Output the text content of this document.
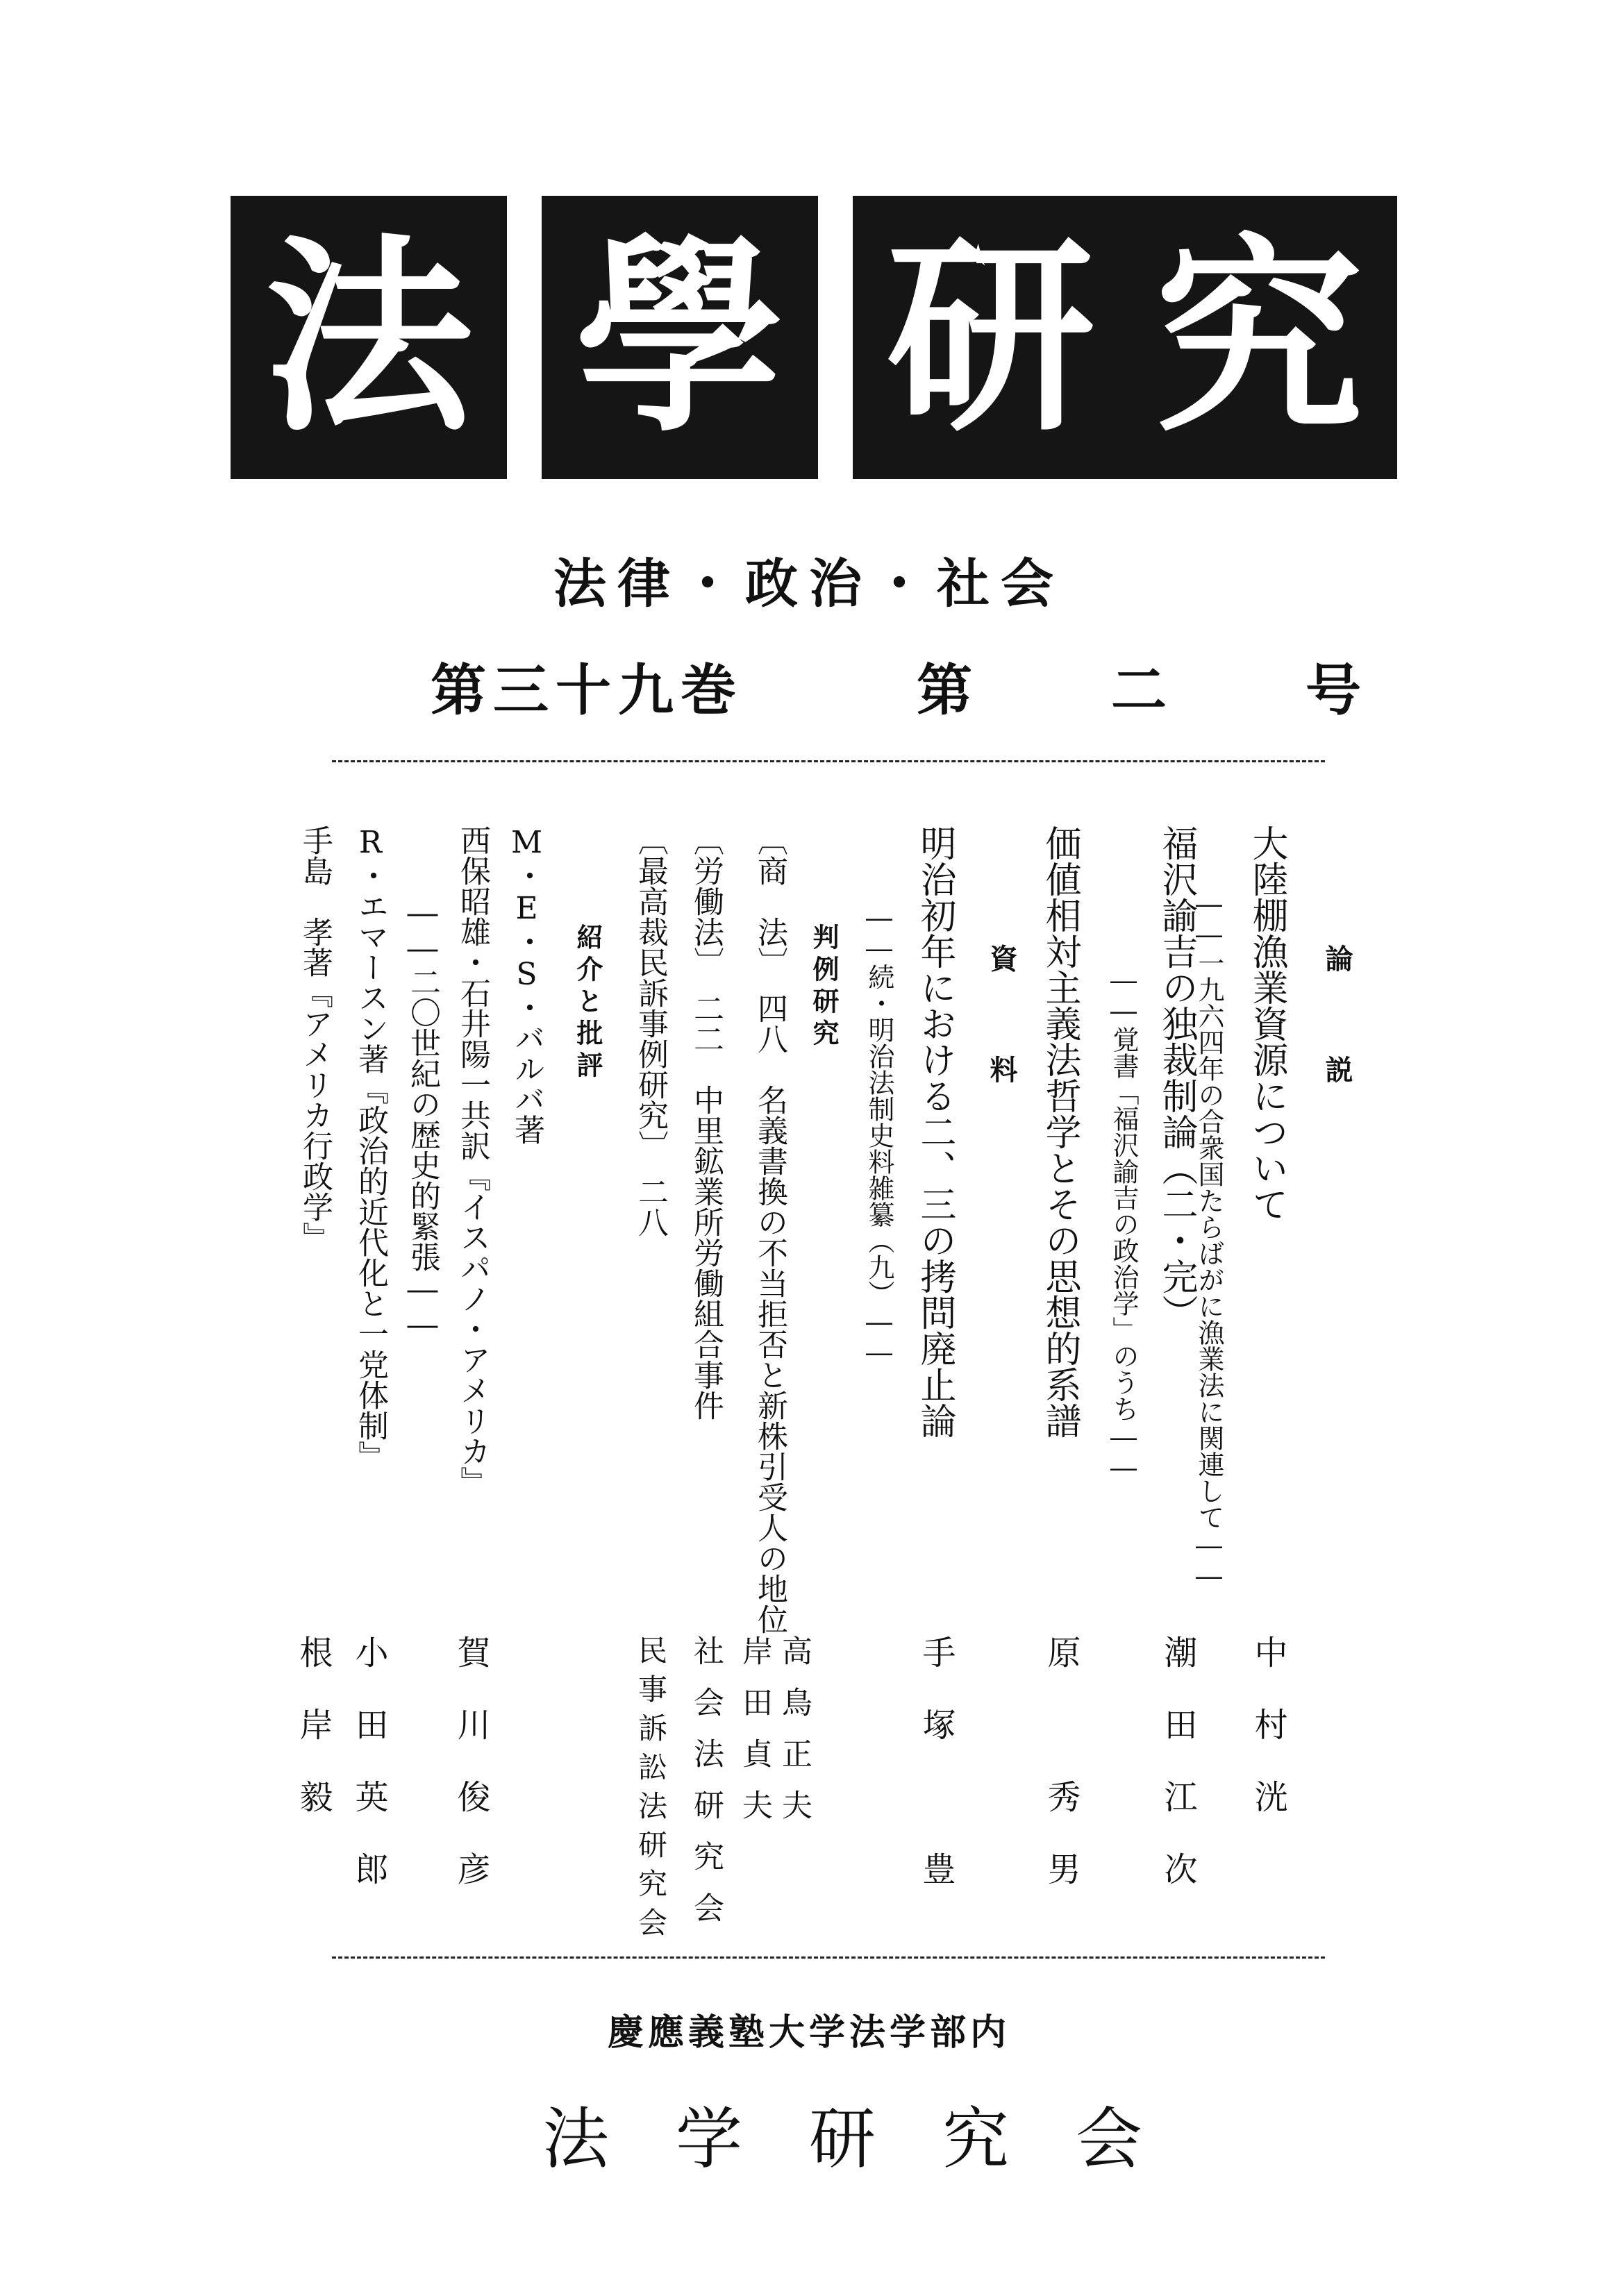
法 學 研 究
法律・政治・社会
第三十九巻	第　二　号
論　説
大陸棚漁業資源について
――一九六四年の合衆国たらばがに漁業法に関連して――
中村洸
福沢諭吉の独裁制論（二・完）
――覚書「福沢諭吉の政治学」のうち――
潮田江次
価値相対主義法哲学とその思想的系譜
原　秀男
資　料
明治初年における二、三の拷問廃止論
――続・明治法制史料雑纂（九）――
手塚　豊
判例研究
〔商　法〕　四八　名義書換の不当拒否と新株引受人の地位
高鳥正夫
岸田貞夫
〔労働法〕　二二　中里鉱業所労働組合事件
社会法研究会
〔最高裁民訴事例研究〕　二八
民事訴訟法研究会
紹介と批評
M・E・S・バルバ著
西保昭雄・石井陽一共訳『イスパノ・アメリカ』
――二〇世紀の歴史的緊張――
賀川俊彦
R・エマースン著『政治的近代化と一党体制』
小田英郎
手島　孝著『アメリカ行政学』
根岸毅
慶應義塾大学法学部内
法学研究会
